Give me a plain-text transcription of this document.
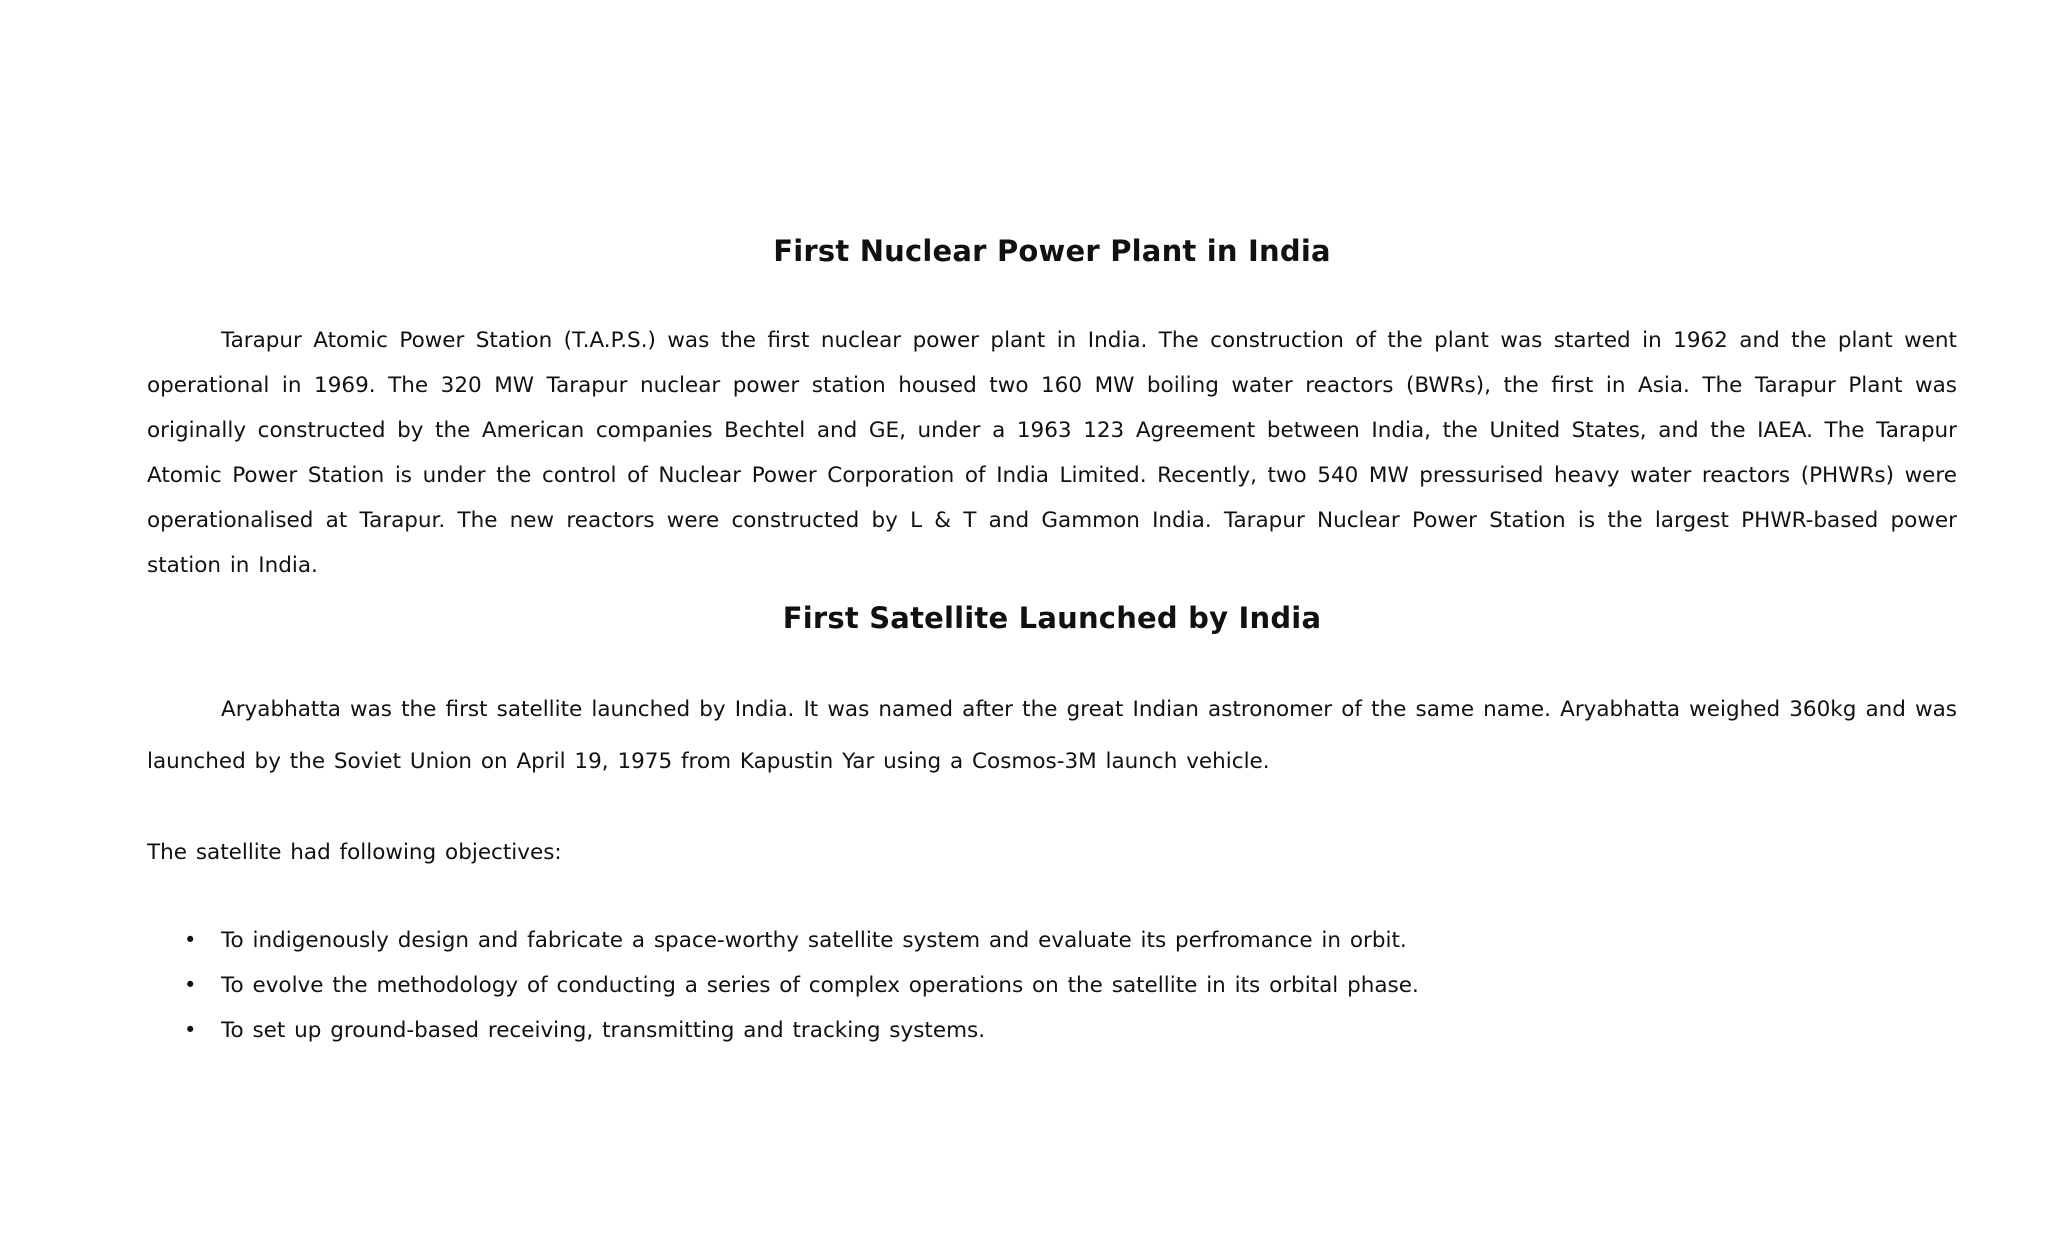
First Nuclear Power Plant in India

Tarapur Atomic Power Station (T.A.P.S.) was the first nuclear power plant in India. The construction of the plant was started in 1962 and the plant went operational in 1969. The 320 MW Tarapur nuclear power station housed two 160 MW boiling water reactors (BWRs), the first in Asia. The Tarapur Plant was originally constructed by the American companies Bechtel and GE, under a 1963 123 Agreement between India, the United States, and the IAEA. The Tarapur Atomic Power Station is under the control of Nuclear Power Corporation of India Limited. Recently, two 540 MW pressurised heavy water reactors (PHWRs) were operationalised at Tarapur. The new reactors were constructed by L & T and Gammon India. Tarapur Nuclear Power Station is the largest PHWR-based power station in India.

First Satellite Launched by India

Aryabhatta was the first satellite launched by India. It was named after the great Indian astronomer of the same name. Aryabhatta weighed 360kg and was launched by the Soviet Union on April 19, 1975 from Kapustin Yar using a Cosmos-3M launch vehicle.

The satellite had following objectives:

• To indigenously design and fabricate a space-worthy satellite system and evaluate its perfromance in orbit.
• To evolve the methodology of conducting a series of complex operations on the satellite in its orbital phase.
• To set up ground-based receiving, transmitting and tracking systems.
